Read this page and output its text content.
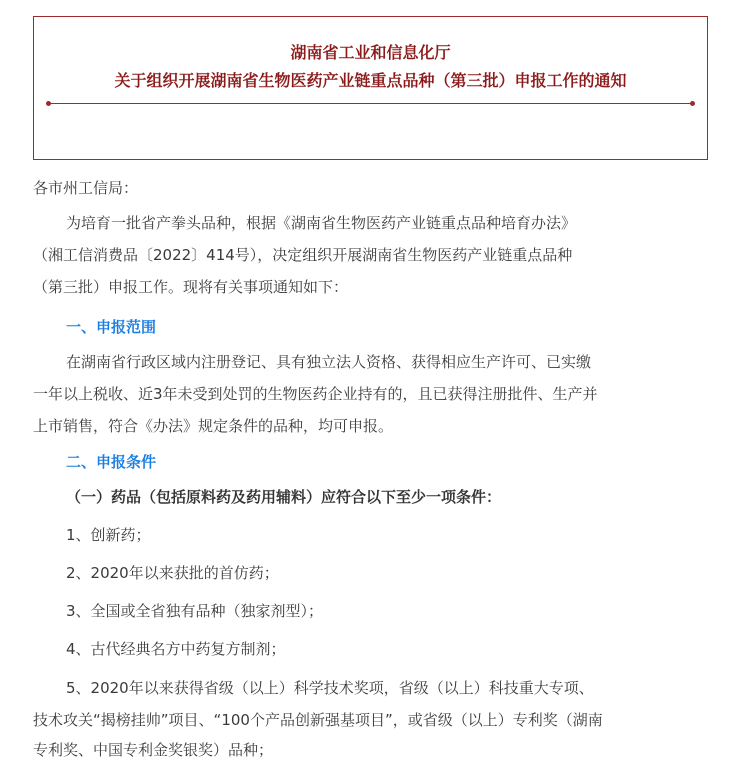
湖南省工业和信息化厅
关于组织开展湖南省生物医药产业链重点品种（第三批）申报工作的通知
各市州工信局：
为培育一批省产拳头品种，根据《湖南省生物医药产业链重点品种培育办法》
（湘工信消费品〔2022〕414号），决定组织开展湖南省生物医药产业链重点品种
（第三批）申报工作。现将有关事项通知如下：
一、申报范围
在湖南省行政区域内注册登记、具有独立法人资格、获得相应生产许可、已实缴
一年以上税收、近3年未受到处罚的生物医药企业持有的，且已获得注册批件、生产并
上市销售，符合《办法》规定条件的品种，均可申报。
二、申报条件
（一）药品（包括原料药及药用辅料）应符合以下至少一项条件：
1、创新药；
2、2020年以来获批的首仿药；
3、全国或全省独有品种（独家剂型）；
4、古代经典名方中药复方制剂；
5、2020年以来获得省级（以上）科学技术奖项，省级（以上）科技重大专项、
技术攻关“揭榜挂帅”项目、“100个产品创新强基项目”，或省级（以上）专利奖（湖南
专利奖、中国专利金奖银奖）品种；
